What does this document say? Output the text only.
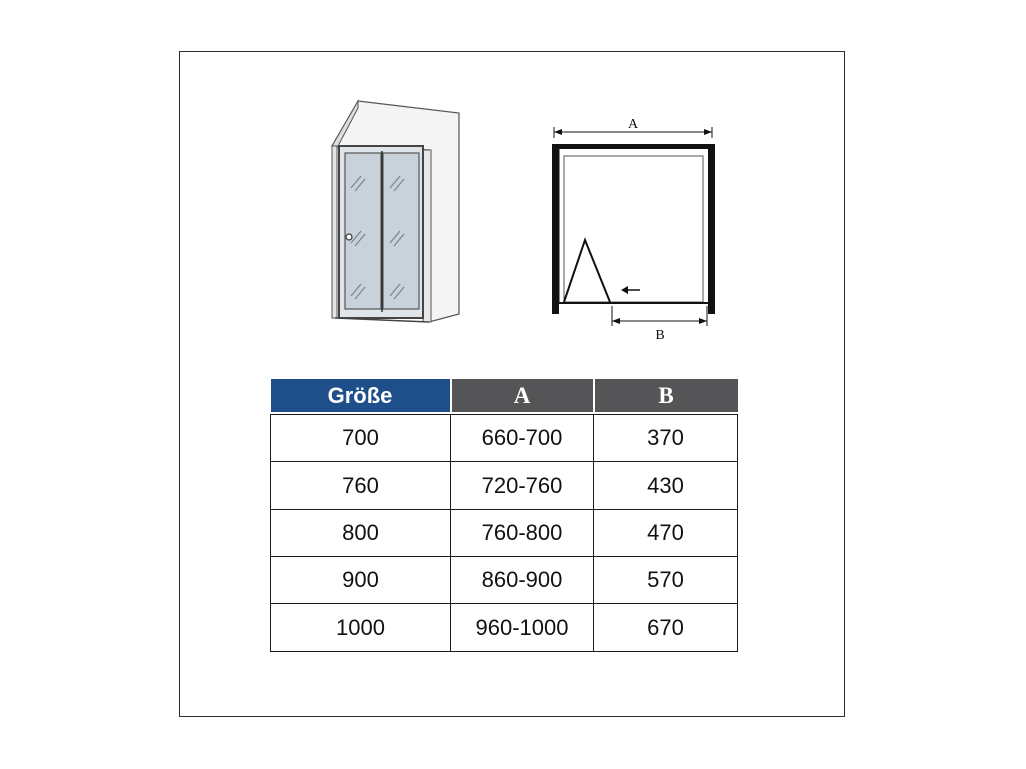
A
B
Größe	A	B

700	660-700	370
760	720-760	430
800	760-800	470
900	860-900	570
1000	960-1000	670
